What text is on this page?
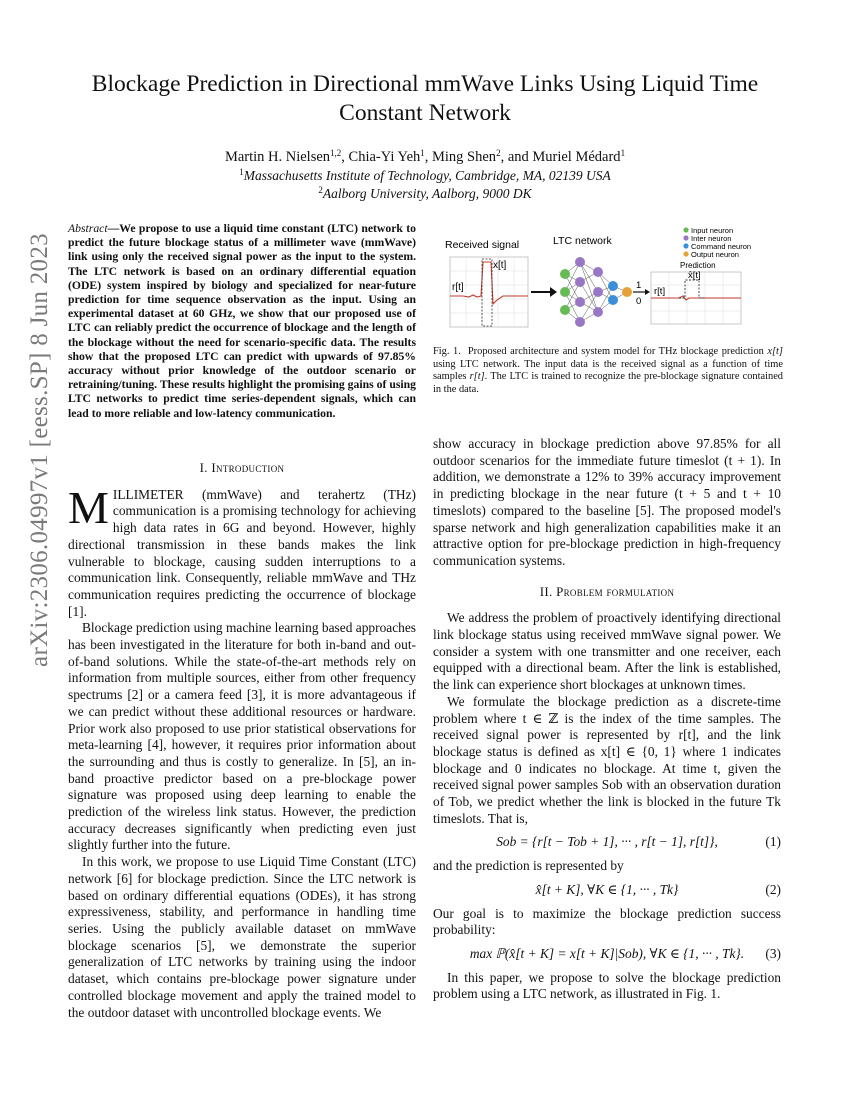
arXiv:2306.04997v1 [eess.SP] 8 Jun 2023
Blockage Prediction in Directional mmWave Links Using Liquid Time Constant Network
Martin H. Nielsen$^{1,2}$, Chia-Yi Yeh$^1$, Ming Shen$^2$, and Muriel Médard$^1$
$^1$Massachusetts Institute of Technology, Cambridge, MA, 02139 USA
$^2$Aalborg University, Aalborg, 9000 DK
Abstract—We propose to use a liquid time constant (LTC) network to predict the future blockage status of a millimeter wave (mmWave) link using only the received signal power as the input to the system. The LTC network is based on an ordinary differential equation (ODE) system inspired by biology and specialized for near-future prediction for time sequence observation as the input. Using an experimental dataset at 60 GHz, we show that our proposed use of LTC can reliably predict the occurrence of blockage and the length of the blockage without the need for scenario-specific data. The results show that the proposed LTC can predict with upwards of 97.85% accuracy without prior knowledge of the outdoor scenario or retraining/tuning. These results highlight the promising gains of using LTC networks to predict time series-dependent signals, which can lead to more reliable and low-latency communication.
I. Introduction

MILLIMETER (mmWave) and terahertz (THz) communication is a promising technology for achieving high data rates in 6G and beyond. However, highly directional transmission in these bands makes the link vulnerable to blockage, causing sudden interruptions to a communication link. Consequently, reliable mmWave and THz communication requires predicting the occurrence of blockage [1].

Blockage prediction using machine learning based approaches has been investigated in the literature for both in-band and out-of-band solutions. While the state-of-the-art methods rely on information from multiple sources, either from other frequency spectrums [2] or a camera feed [3], it is more advantageous if we can predict without these additional resources or hardware. Prior work also proposed to use prior statistical observations for meta-learning [4], however, it requires prior information about the surrounding and thus is costly to generalize. In [5], an in-band proactive predictor based on a pre-blockage power signature was proposed using deep learning to enable the prediction of the wireless link status. However, the prediction accuracy decreases significantly when predicting even just slightly further into the future.

In this work, we propose to use Liquid Time Constant (LTC) network [6] for blockage prediction. Since the LTC network is based on ordinary differential equations (ODEs), it has strong expressiveness, stability, and performance in handling time series. Using the publicly available dataset on mmWave blockage scenarios [5], we demonstrate the superior generalization of LTC networks by training using the indoor dataset, which contains pre-blockage power signature under controlled blockage movement and apply the trained model to the outdoor dataset with uncontrolled blockage events. We

Received signal
x[t]
r[t]
LTC network
1
0
Input neuron
Inter neuron
Command neuron
Output neuron
Prediction
x̂[t]
r[t]
Fig. 1. Proposed architecture and system model for THz blockage prediction x[t] using LTC network. The input data is the received signal as a function of time samples r[t]. The LTC is trained to recognize the pre-blockage signature contained in the data.

show accuracy in blockage prediction above 97.85% for all outdoor scenarios for the immediate future timeslot (t + 1). In addition, we demonstrate a 12% to 39% accuracy improvement in predicting blockage in the near future (t + 5 and t + 10 timeslots) compared to the baseline [5]. The proposed model's sparse network and high generalization capabilities make it an attractive option for pre-blockage prediction in high-frequency communication systems.

II. Problem formulation

We address the problem of proactively identifying directional link blockage status using received mmWave signal power. We consider a system with one transmitter and one receiver, each equipped with a directional beam. After the link is established, the link can experience short blockages at unknown times.

We formulate the blockage prediction as a discrete-time problem where t ∈ ℤ is the index of the time samples. The received signal power is represented by r[t], and the link blockage status is defined as x[t] ∈ {0, 1} where 1 indicates blockage and 0 indicates no blockage. At time t, given the received signal power samples Sob with an observation duration of Tob, we predict whether the link is blocked in the future Tk timeslots. That is,

Sob = {r[t − Tob + 1], ··· , r[t − 1], r[t]},	(1)

and the prediction is represented by

x̂[t + K], ∀K ∈ {1, ··· , Tk}	(2)

Our goal is to maximize the blockage prediction success probability:

max ℙ(x̂[t + K] = x[t + K]|Sob), ∀K ∈ {1, ··· , Tk}. (3)

In this paper, we propose to solve the blockage prediction problem using a LTC network, as illustrated in Fig. 1.
